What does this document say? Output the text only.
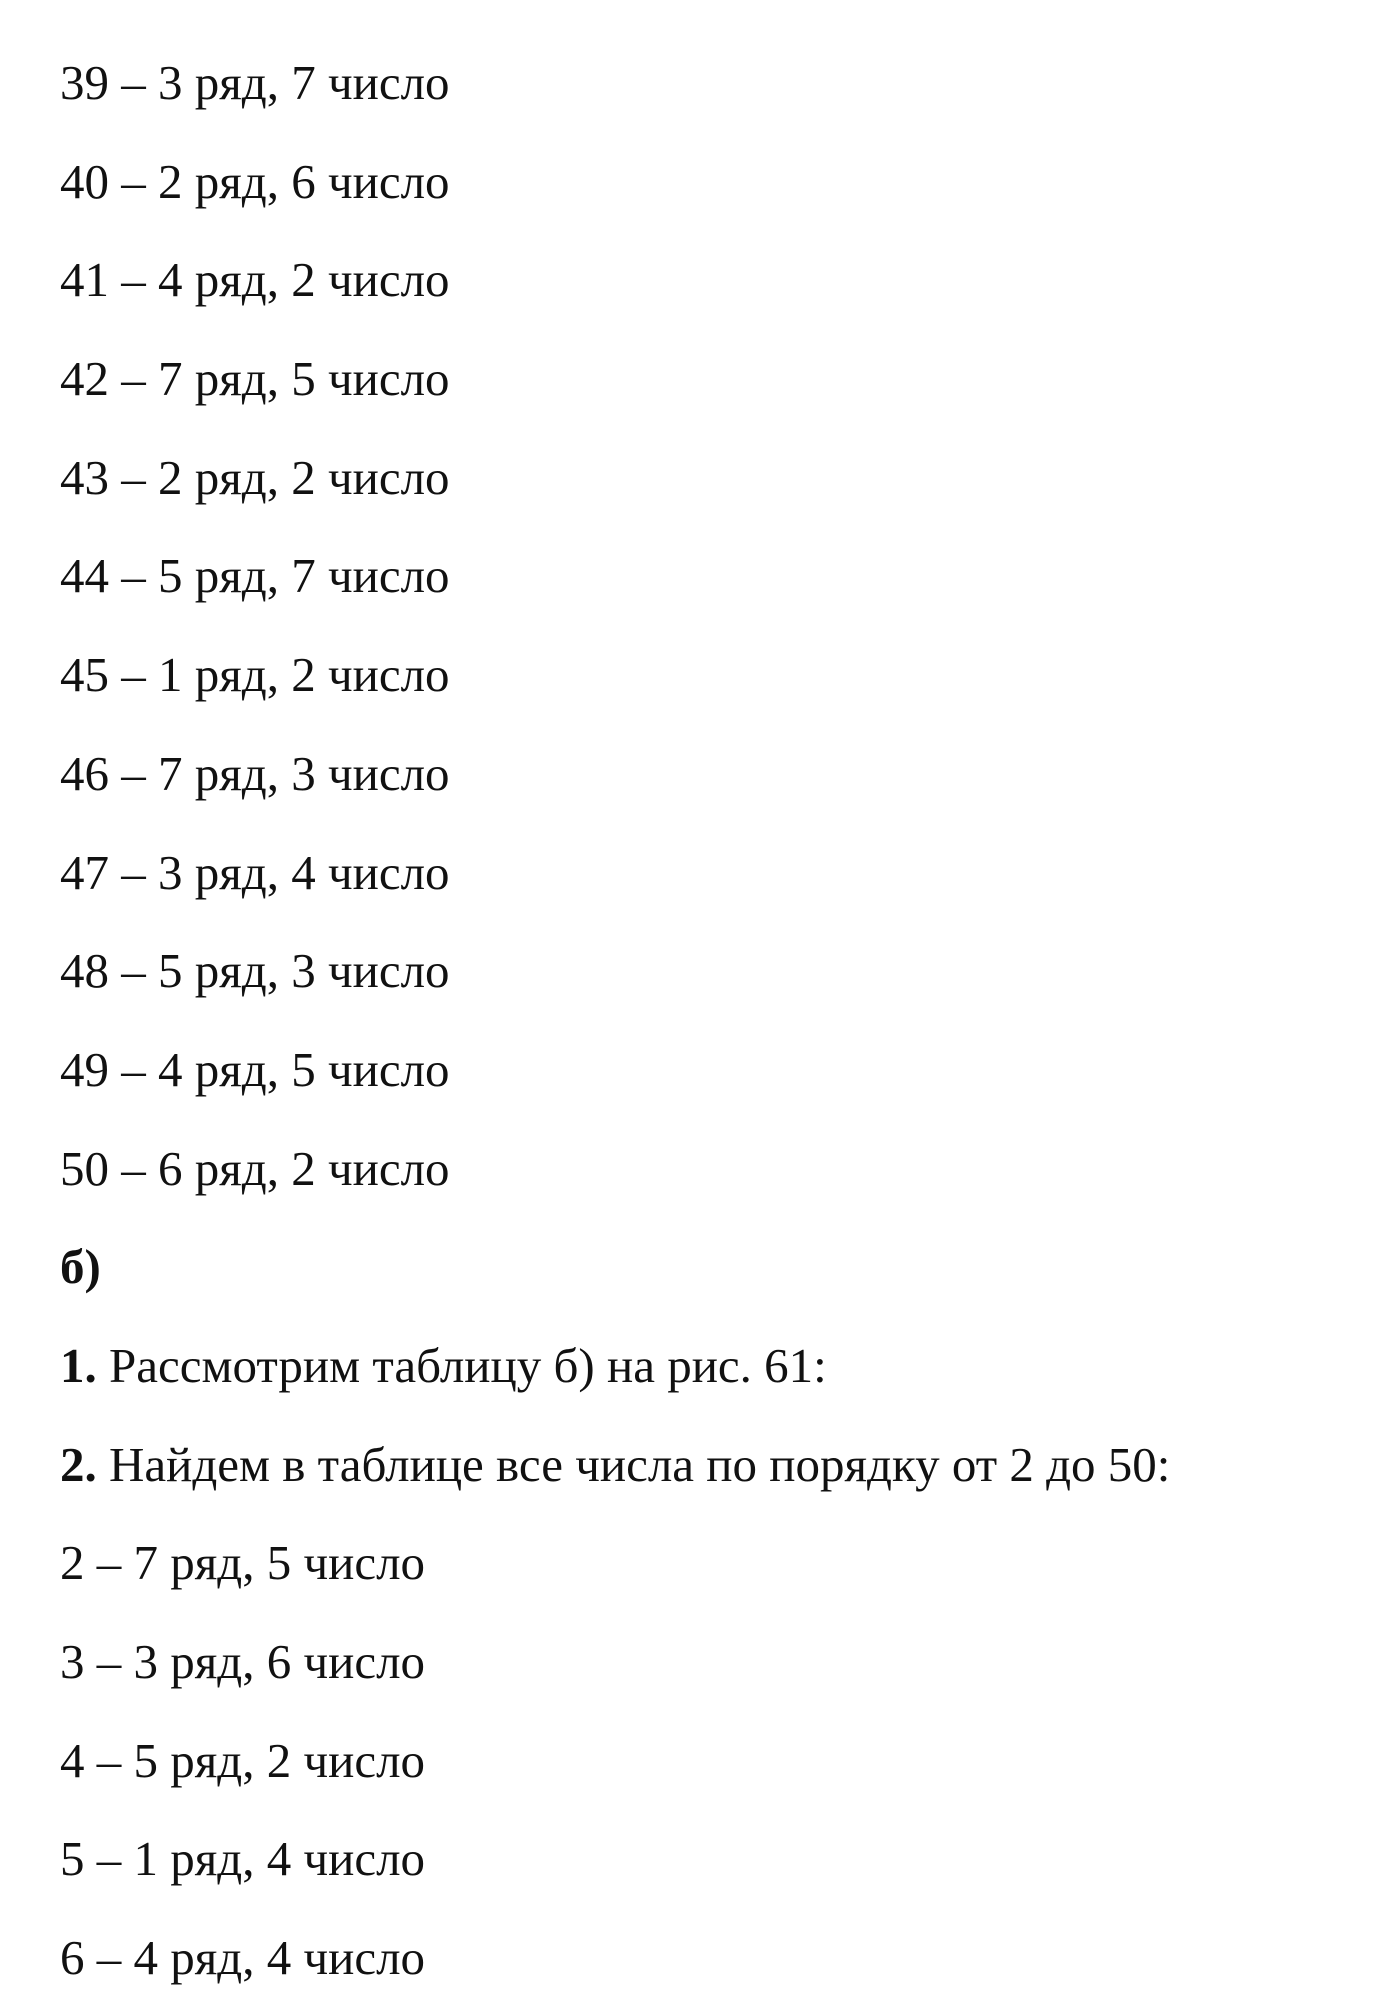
39 – 3 ряд, 7 число

40 – 2 ряд, 6 число

41 – 4 ряд, 2 число

42 – 7 ряд, 5 число

43 – 2 ряд, 2 число

44 – 5 ряд, 7 число

45 – 1 ряд, 2 число

46 – 7 ряд, 3 число

47 – 3 ряд, 4 число

48 – 5 ряд, 3 число

49 – 4 ряд, 5 число

50 – 6 ряд, 2 число

б)

1. Рассмотрим таблицу б) на рис. 61:

2. Найдем в таблице все числа по порядку от 2 до 50:

2 – 7 ряд, 5 число

3 – 3 ряд, 6 число

4 – 5 ряд, 2 число

5 – 1 ряд, 4 число

6 – 4 ряд, 4 число
